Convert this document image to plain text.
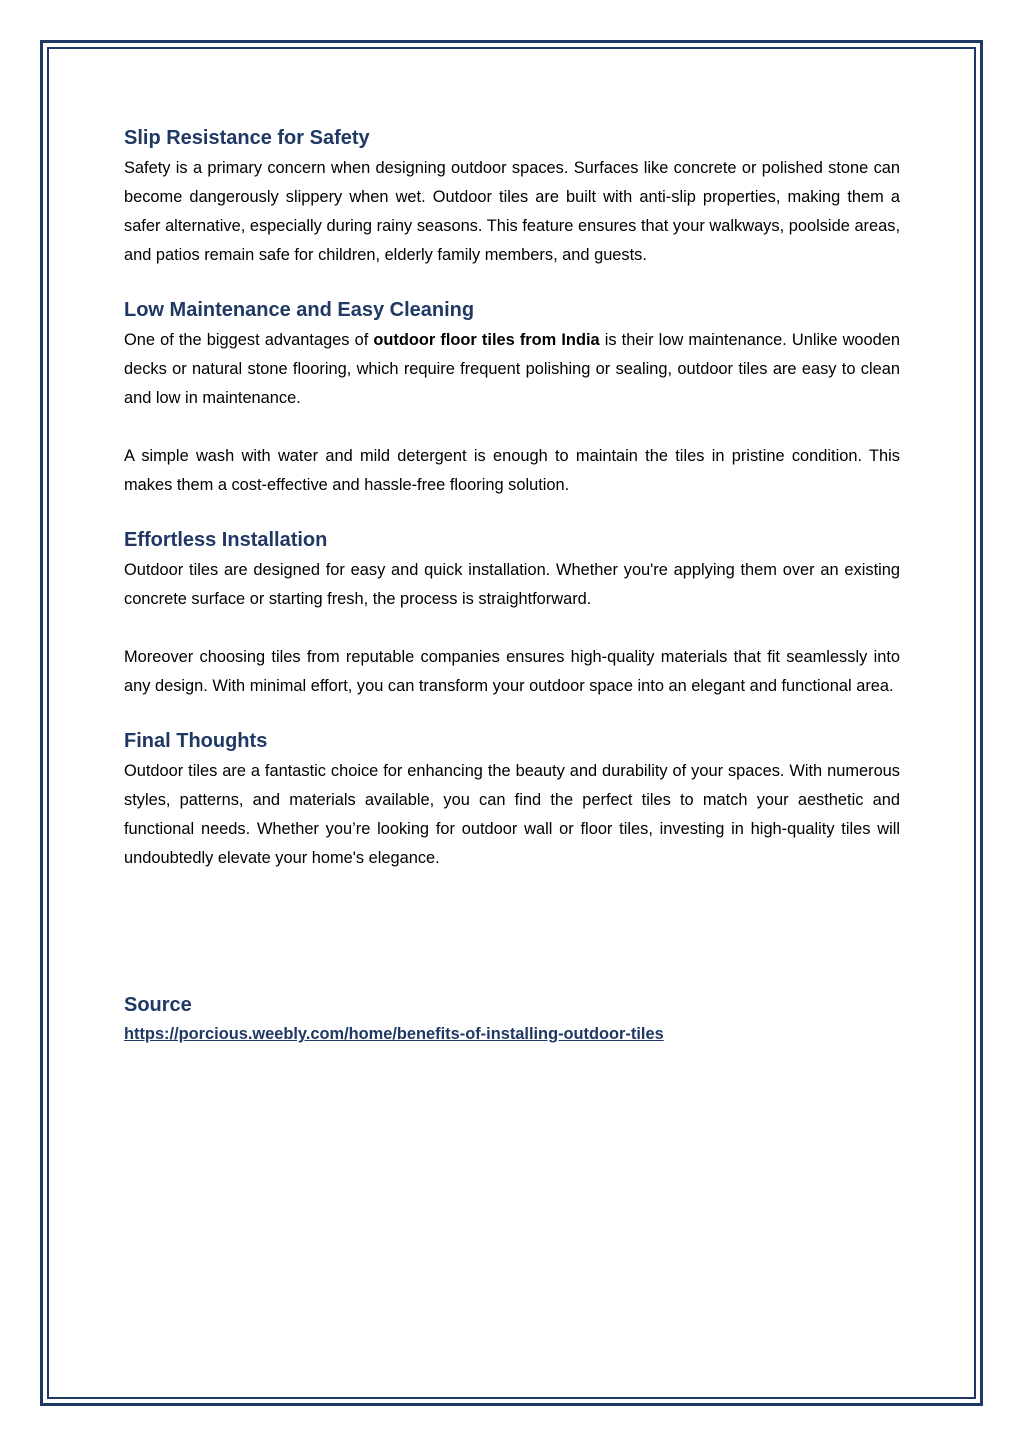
Slip Resistance for Safety

Safety is a primary concern when designing outdoor spaces. Surfaces like concrete or polished stone can become dangerously slippery when wet. Outdoor tiles are built with anti-slip properties, making them a safer alternative, especially during rainy seasons. This feature ensures that your walkways, poolside areas, and patios remain safe for children, elderly family members, and guests.

Low Maintenance and Easy Cleaning

One of the biggest advantages of outdoor floor tiles from India is their low maintenance. Unlike wooden decks or natural stone flooring, which require frequent polishing or sealing, outdoor tiles are easy to clean and low in maintenance.

A simple wash with water and mild detergent is enough to maintain the tiles in pristine condition. This makes them a cost-effective and hassle-free flooring solution.

Effortless Installation

Outdoor tiles are designed for easy and quick installation. Whether you're applying them over an existing concrete surface or starting fresh, the process is straightforward.

Moreover choosing tiles from reputable companies ensures high-quality materials that fit seamlessly into any design. With minimal effort, you can transform your outdoor space into an elegant and functional area.

Final Thoughts

Outdoor tiles are a fantastic choice for enhancing the beauty and durability of your spaces. With numerous styles, patterns, and materials available, you can find the perfect tiles to match your aesthetic and functional needs. Whether you’re looking for outdoor wall or floor tiles, investing in high-quality tiles will undoubtedly elevate your home's elegance.

Source
https://porcious.weebly.com/home/benefits-of-installing-outdoor-tiles
